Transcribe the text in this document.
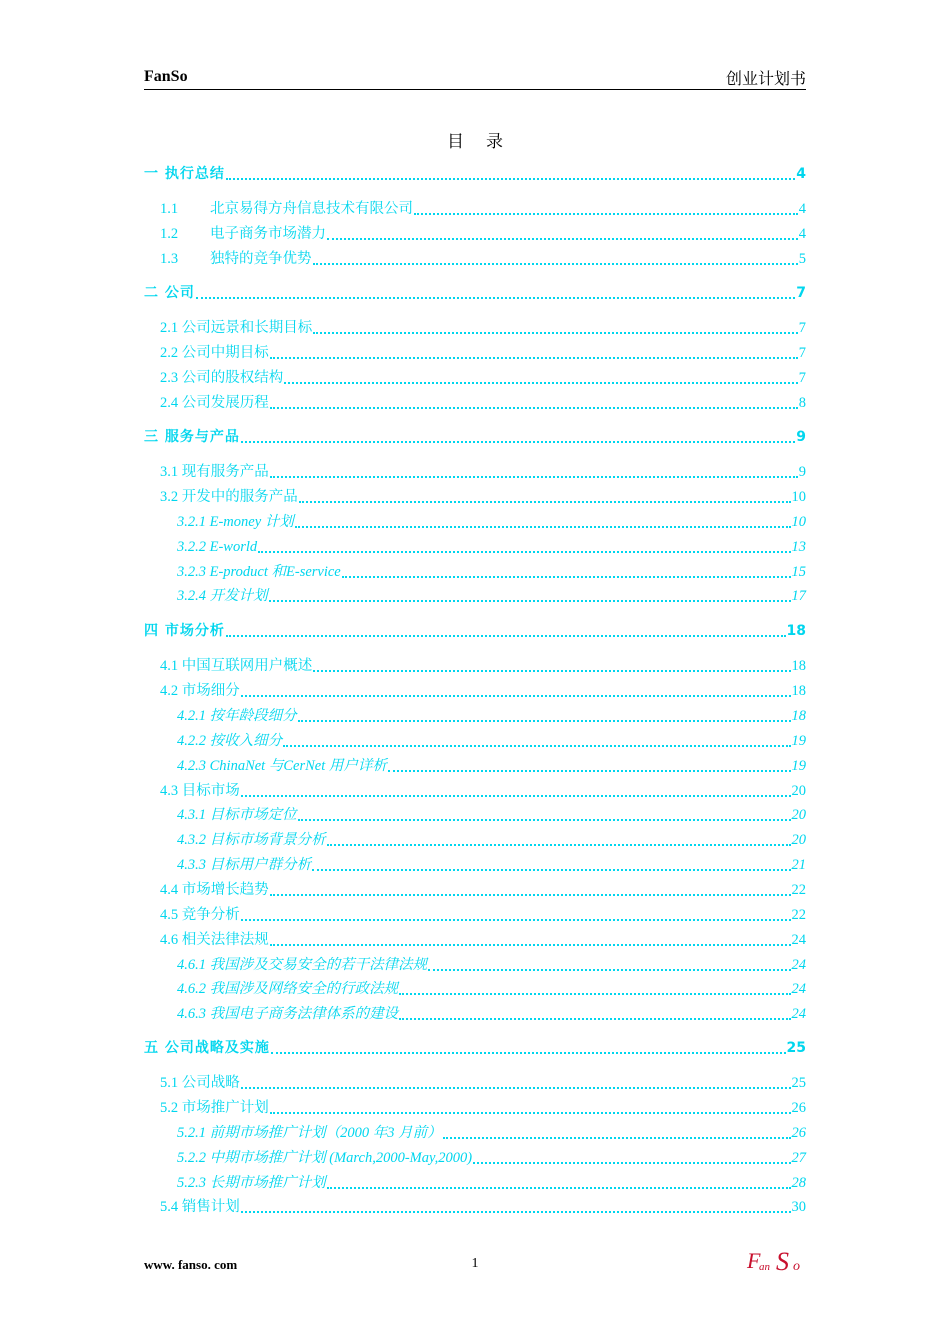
FanSo	创业计划书
目录
一 执行总结	4
1.1 北京易得方舟信息技术有限公司	4
1.2 电子商务市场潜力	4
1.3 独特的竞争优势	5
二 公司	7
2.1 公司远景和长期目标	7
2.2 公司中期目标	7
2.3 公司的股权结构	7
2.4 公司发展历程	8
三 服务与产品	9
3.1 现有服务产品	9
3.2 开发中的服务产品	10
3.2.1 E-money 计划	10
3.2.2 E-world	13
3.2.3 E-product 和E-service	15
3.2.4 开发计划	17
四 市场分析	18
4.1 中国互联网用户概述	18
4.2 市场细分	18
4.2.1 按年龄段细分	18
4.2.2 按收入细分	19
4.2.3 ChinaNet 与CerNet 用户详析	19
4.3 目标市场	20
4.3.1 目标市场定位	20
4.3.2 目标市场背景分析	20
4.3.3 目标用户群分析	21
4.4 市场增长趋势	22
4.5 竞争分析	22
4.6 相关法律法规	24
4.6.1 我国涉及交易安全的若干法律法规	24
4.6.2 我国涉及网络安全的行政法规	24
4.6.3 我国电子商务法律体系的建设	24
五 公司战略及实施	25
5.1 公司战略	25
5.2 市场推广计划	26
5.2.1 前期市场推广计划（2000 年3 月前）	26
5.2.2 中期市场推广计划 (March,2000-May,2000)	27
5.2.3 长期市场推广计划	28
5.4 销售计划	30
www. fanso. com	1	F
an S o
